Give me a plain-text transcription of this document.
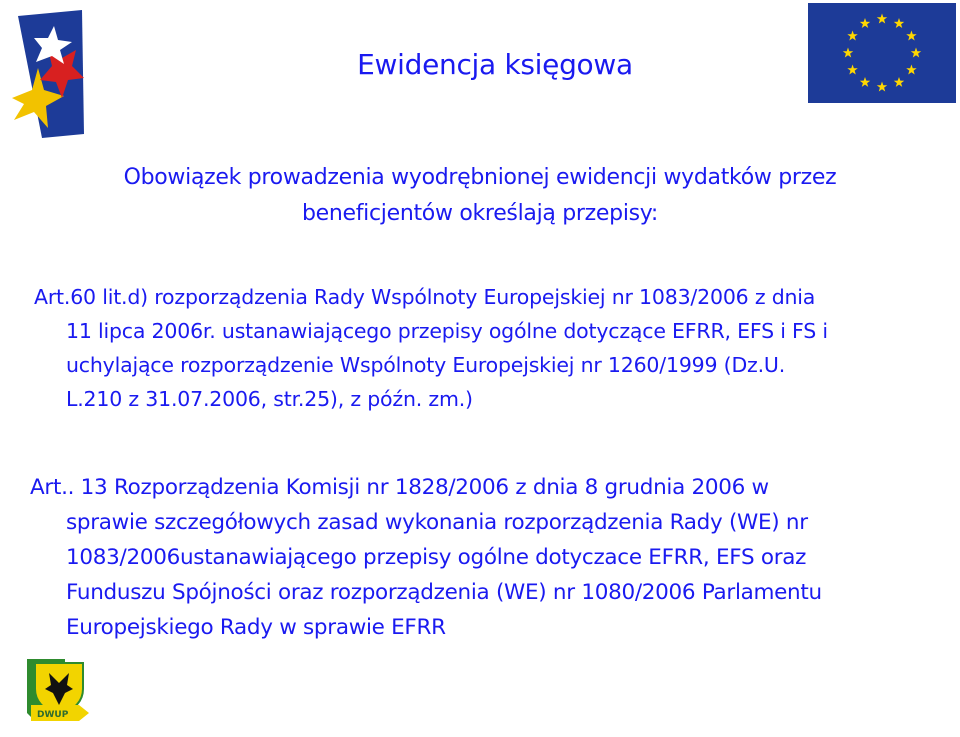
Ewidencja księgowa
Obowiązek prowadzenia wyodrębnionej ewidencji wydatków przez
beneficjentów określają przepisy:
Art.60 lit.d) rozporządzenia Rady Wspólnoty Europejskiej nr 1083/2006 z dnia
11 lipca 2006r. ustanawiającego przepisy ogólne dotyczące EFRR, EFS i FS i
uchylające rozporządzenie Wspólnoty Europejskiej nr 1260/1999 (Dz.U.
L.210 z 31.07.2006, str.25), z późn. zm.)
Art.. 13 Rozporządzenia Komisji nr 1828/2006 z dnia 8 grudnia 2006 w
sprawie szczegółowych zasad wykonania rozporządzenia Rady (WE) nr
1083/2006ustanawiającego przepisy ogólne dotyczace EFRR, EFS oraz
Funduszu Spójności oraz rozporządzenia (WE) nr 1080/2006 Parlamentu
Europejskiego Rady w sprawie EFRR
DWUP
